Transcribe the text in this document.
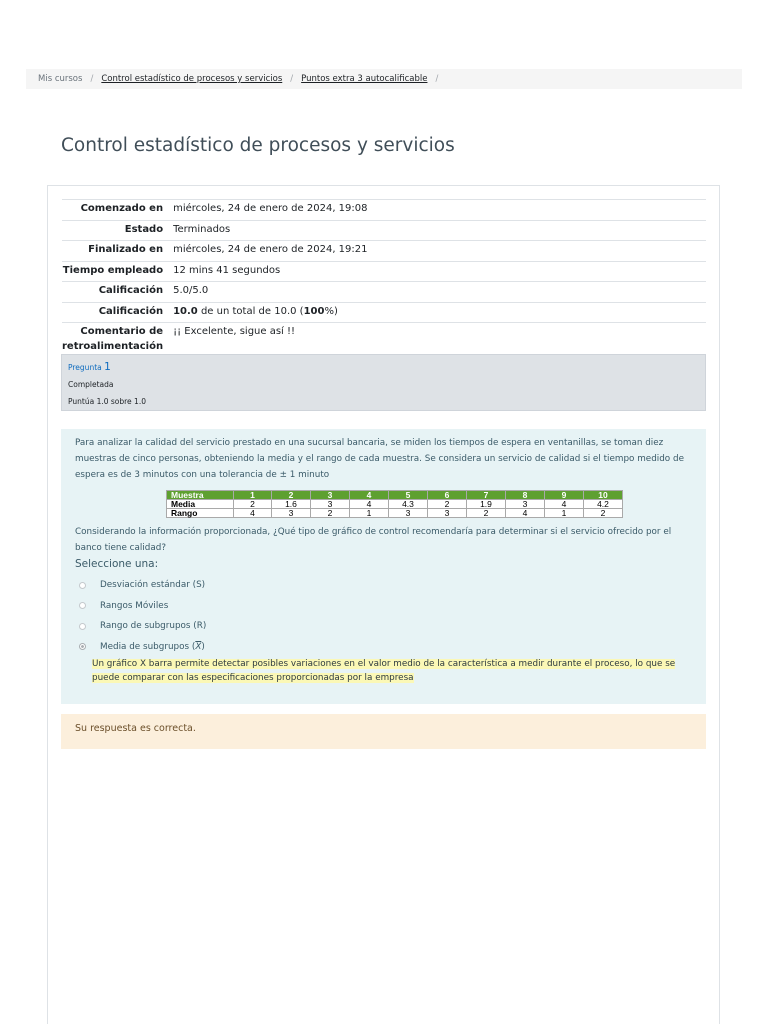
Mis cursos / Control estadístico de procesos y servicios / Puntos extra 3 autocalificable /
Control estadístico de procesos y servicios
Comenzado en	miércoles, 24 de enero de 2024, 19:08
Estado	Terminados
Finalizado en	miércoles, 24 de enero de 2024, 19:21
Tiempo empleado	12 mins 41 segundos
Calificación	5.0/5.0
Calificación	10.0 de un total de 10.0 (100%)
Comentario de retroalimentación	¡¡ Excelente, sigue así !!
Pregunta 1
Completada
Puntúa 1.0 sobre 1.0

Para analizar la calidad del servicio prestado en una sucursal bancaria, se miden los tiempos de espera en ventanillas, se toman diez muestras de cinco personas, obteniendo la media y el rango de cada muestra. Se considera un servicio de calidad si el tiempo medido de espera es de 3 minutos con una tolerancia de ± 1 minuto

Muestra	1	2	3	4	5	6	7	8	9	10
Media	2	1.6	3	4	4.3	2	1.9	3	4	4.2
Rango	4	3	2	1	3	3	2	4	1	2

Considerando la información proporcionada, ¿Qué tipo de gráfico de control recomendaría para determinar si el servicio ofrecido por el banco tiene calidad?

Seleccione una:

Desviación estándar (S)
Rangos Móviles
Rango de subgrupos (R)
Media de subgrupos $(\overline{X})$
Un gráfico X barra permite detectar posibles variaciones en el valor medio de la característica a medir durante el proceso, lo que se puede comparar con las especificaciones proporcionadas por la empresa
Su respuesta es correcta.
